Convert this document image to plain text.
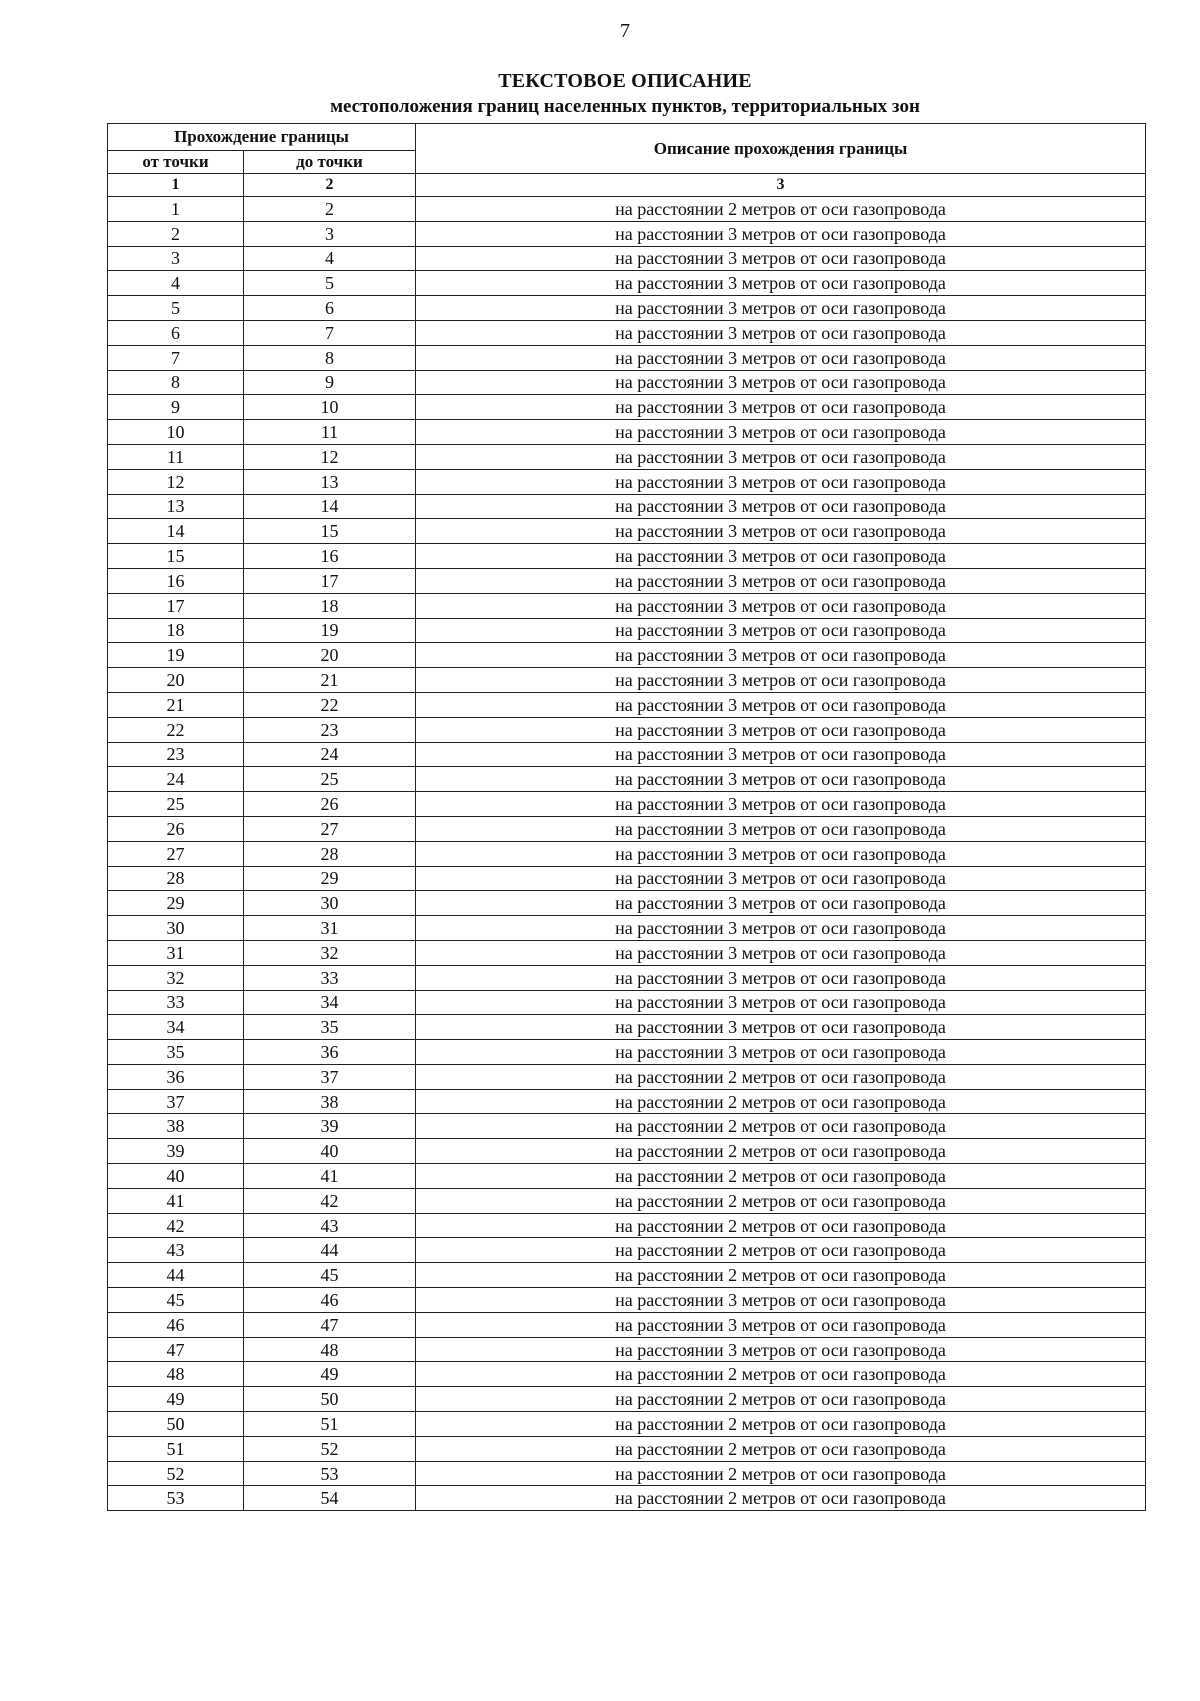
7
ТЕКСТОВОЕ ОПИСАНИЕ
местоположения границ населенных пунктов, территориальных зон
Прохождение границы		Описание прохождения границы
от точки	до точки	
1	2	3
1	2	на расстоянии 2 метров от оси газопровода
2	3	на расстоянии 3 метров от оси газопровода
3	4	на расстоянии 3 метров от оси газопровода
4	5	на расстоянии 3 метров от оси газопровода
5	6	на расстоянии 3 метров от оси газопровода
6	7	на расстоянии 3 метров от оси газопровода
7	8	на расстоянии 3 метров от оси газопровода
8	9	на расстоянии 3 метров от оси газопровода
9	10	на расстоянии 3 метров от оси газопровода
10	11	на расстоянии 3 метров от оси газопровода
11	12	на расстоянии 3 метров от оси газопровода
12	13	на расстоянии 3 метров от оси газопровода
13	14	на расстоянии 3 метров от оси газопровода
14	15	на расстоянии 3 метров от оси газопровода
15	16	на расстоянии 3 метров от оси газопровода
16	17	на расстоянии 3 метров от оси газопровода
17	18	на расстоянии 3 метров от оси газопровода
18	19	на расстоянии 3 метров от оси газопровода
19	20	на расстоянии 3 метров от оси газопровода
20	21	на расстоянии 3 метров от оси газопровода
21	22	на расстоянии 3 метров от оси газопровода
22	23	на расстоянии 3 метров от оси газопровода
23	24	на расстоянии 3 метров от оси газопровода
24	25	на расстоянии 3 метров от оси газопровода
25	26	на расстоянии 3 метров от оси газопровода
26	27	на расстоянии 3 метров от оси газопровода
27	28	на расстоянии 3 метров от оси газопровода
28	29	на расстоянии 3 метров от оси газопровода
29	30	на расстоянии 3 метров от оси газопровода
30	31	на расстоянии 3 метров от оси газопровода
31	32	на расстоянии 3 метров от оси газопровода
32	33	на расстоянии 3 метров от оси газопровода
33	34	на расстоянии 3 метров от оси газопровода
34	35	на расстоянии 3 метров от оси газопровода
35	36	на расстоянии 3 метров от оси газопровода
36	37	на расстоянии 2 метров от оси газопровода
37	38	на расстоянии 2 метров от оси газопровода
38	39	на расстоянии 2 метров от оси газопровода
39	40	на расстоянии 2 метров от оси газопровода
40	41	на расстоянии 2 метров от оси газопровода
41	42	на расстоянии 2 метров от оси газопровода
42	43	на расстоянии 2 метров от оси газопровода
43	44	на расстоянии 2 метров от оси газопровода
44	45	на расстоянии 2 метров от оси газопровода
45	46	на расстоянии 3 метров от оси газопровода
46	47	на расстоянии 3 метров от оси газопровода
47	48	на расстоянии 3 метров от оси газопровода
48	49	на расстоянии 2 метров от оси газопровода
49	50	на расстоянии 2 метров от оси газопровода
50	51	на расстоянии 2 метров от оси газопровода
51	52	на расстоянии 2 метров от оси газопровода
52	53	на расстоянии 2 метров от оси газопровода
53	54	на расстоянии 2 метров от оси газопровода
